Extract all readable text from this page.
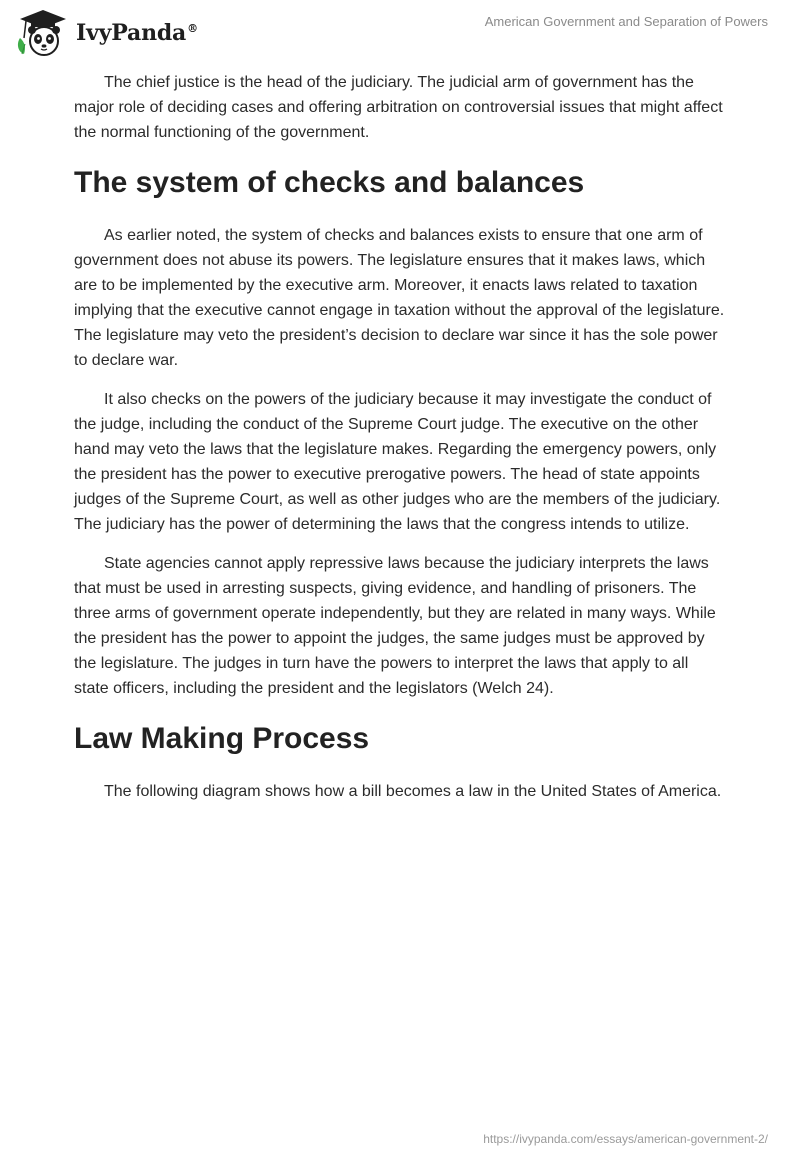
IvyPanda®	American Government and Separation of Powers

The chief justice is the head of the judiciary. The judicial arm of government has the major role of deciding cases and offering arbitration on controversial issues that might affect the normal functioning of the government.

The system of checks and balances

As earlier noted, the system of checks and balances exists to ensure that one arm of government does not abuse its powers. The legislature ensures that it makes laws, which are to be implemented by the executive arm. Moreover, it enacts laws related to taxation implying that the executive cannot engage in taxation without the approval of the legislature. The legislature may veto the president’s decision to declare war since it has the sole power to declare war.

It also checks on the powers of the judiciary because it may investigate the conduct of the judge, including the conduct of the Supreme Court judge. The executive on the other hand may veto the laws that the legislature makes. Regarding the emergency powers, only the president has the power to executive prerogative powers. The head of state appoints judges of the Supreme Court, as well as other judges who are the members of the judiciary. The judiciary has the power of determining the laws that the congress intends to utilize.

State agencies cannot apply repressive laws because the judiciary interprets the laws that must be used in arresting suspects, giving evidence, and handling of prisoners. The three arms of government operate independently, but they are related in many ways. While the president has the power to appoint the judges, the same judges must be approved by the legislature. The judges in turn have the powers to interpret the laws that apply to all state officers, including the president and the legislators (Welch 24).

Law Making Process

The following diagram shows how a bill becomes a law in the United States of America.

https://ivypanda.com/essays/american-government-2/
